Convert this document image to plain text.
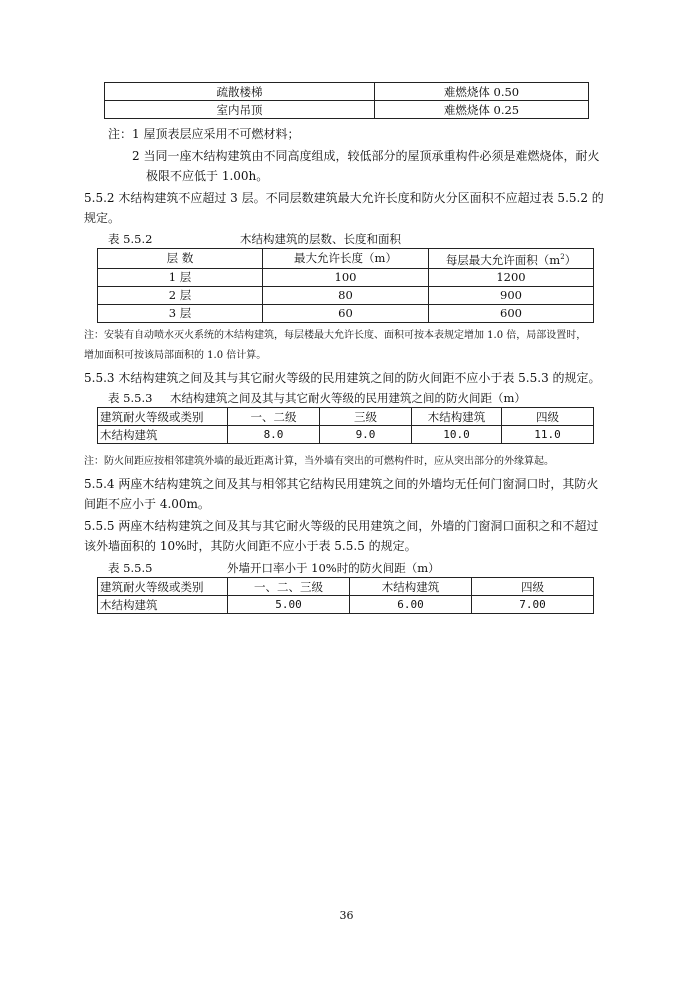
疏散楼梯	难燃烧体 0.50
室内吊顶	难燃烧体 0.25
注：1 屋顶表层应采用不可燃材料；
2 当同一座木结构建筑由不同高度组成，较低部分的屋顶承重构件必须是难燃烧体，耐火
极限不应低于 1.00h。
5.5.2 木结构建筑不应超过 3 层。不同层数建筑最大允许长度和防火分区面积不应超过表 5.5.2 的
规定。
表 5.5.2	木结构建筑的层数、长度和面积
层 数	最大允许长度（m）	每层最大允许面积$(m^2)$
1 层	100	1200
2 层	80	900
3 层	60	600
注：安装有自动喷水灭火系统的木结构建筑，每层楼最大允许长度、面积可按本表规定增加 1.0 倍，局部设置时，
增加面积可按该局部面积的 1.0 倍计算。
5.5.3 木结构建筑之间及其与其它耐火等级的民用建筑之间的防火间距不应小于表 5.5.3 的规定。
表 5.5.3 木结构建筑之间及其与其它耐火等级的民用建筑之间的防火间距（m）
建筑耐火等级或类别	一、二级	三级	木结构建筑	四级
木结构建筑	8.0	9.0	10.0	11.0
注：防火间距应按相邻建筑外墙的最近距离计算，当外墙有突出的可燃构件时，应从突出部分的外缘算起。
5.5.4 两座木结构建筑之间及其与相邻其它结构民用建筑之间的外墙均无任何门窗洞口时，其防火
间距不应小于 4.00m。
5.5.5 两座木结构建筑之间及其与其它耐火等级的民用建筑之间，外墙的门窗洞口面积之和不超过
该外墙面积的 10%时，其防火间距不应小于表 5.5.5 的规定。
表 5.5.5	外墙开口率小于 10%时的防火间距（m）
建筑耐火等级或类别	一、二、三级	木结构建筑	四级
木结构建筑	5.00	6.00	7.00
36
